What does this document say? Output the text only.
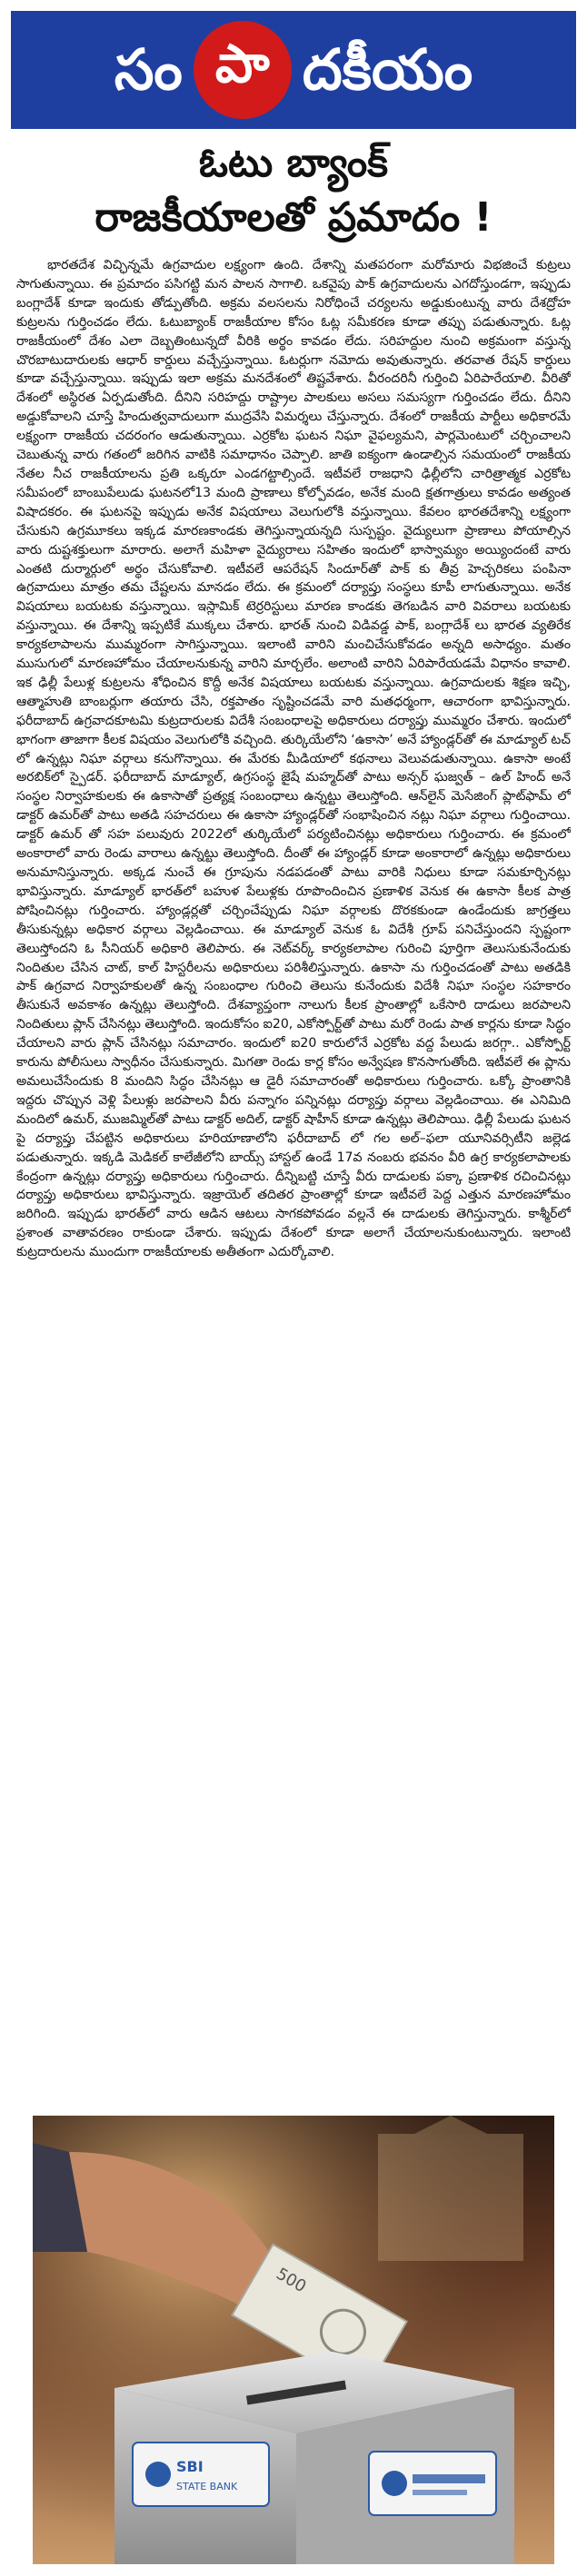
సం పా దకీయం
ఓటు బ్యాంక్
రాజకీయాలతో ప్రమాదం !

భారతదేశ విచ్ఛిన్నమే ఉగ్రవాదుల లక్ష్యంగా ఉంది. దేశాన్ని మతపరంగా మరోమారు విభజించే కుట్రలు సాగుతున్నాయి. ఈ ప్రమాదం పసిగట్టి మన పాలన సాగాలి. ఒకవైపు పాక్ ఉగ్రవాదులను ఎగదోస్తుండగా, ఇప్పుడు బంగ్లాదేశ్ కూడా ఇందుకు తోడ్పుతోంది. అక్రమ వలసలను నిరోధించే చర్యలను అడ్డుకుంటున్న వారు దేశద్రోహ కుట్రలను గుర్తించడం లేదు. ఓటుబ్యాంక్ రాజకీయాల కోసం ఓట్ల సమీకరణ కూడా తప్పు పడుతున్నారు. ఓట్ల రాజకీయంలో దేశం ఎలా దెబ్బతింటున్నదో వీరికి అర్థం కావడం లేదు. సరిహద్దుల నుంచి అక్రమంగా వస్తున్న చొరబాటుదారులకు ఆధార్ కార్డులు వచ్చేస్తున్నాయి. ఓటర్లుగా నమోదు అవుతున్నారు. తరవాత రేషన్ కార్డులు కూడా వచ్చేస్తున్నాయి. ఇప్పుడు ఇలా అక్రమ మనదేశంలో తిష్టవేశారు. వీరందరినీ గుర్తించి ఏరిపారేయాలి. వీరితో దేశంలో అస్థిరత ఏర్పడుతోంది. దీనిని సరిహద్దు రాష్ట్రాల పాలకులు అసలు సమస్యగా గుర్తించడం లేదు. దీనిని అడ్డుకోవాలని చూస్తే హిందుత్వవాదులుగా ముద్రవేసి విమర్శలు చేస్తున్నారు. దేశంలో రాజకీయ పార్టీలు అధికారమే లక్ష్యంగా రాజకీయ చదరంగం ఆడుతున్నాయి. ఎర్రకోట ఘటన నిఘా వైఫల్యమని, పార్లమెంటులో చర్చించాలని చెబుతున్న వారు గతంలో జరిగిన వాటికి సమాధానం చెప్పాలి. జాతి ఐక్యంగా ఉండాల్సిన సమయంలో రాజకీయ నేతల నీచ రాజకీయాలను ప్రతి ఒక్కరూ ఎండగట్టాల్సిందే. ఇటీవలే రాజధాని ఢిల్లీలోని చారిత్రాత్మక ఎర్రకోట సమీపంలో బాంబుపేలుడు ఘటనలో13 మంది ప్రాణాలు కోల్పోవడం, అనేక మంది క్షతగాత్రులు కావడం అత్యంత విషాదకరం. ఈ ఘటనపై ఇప్పుడు అనేక విషయాలు వెలుగులోకి వస్తున్నాయి. కేవలం భారతదేశాన్ని లక్ష్యంగా చేసుకుని ఉగ్రమూకలు ఇక్కడ మారణకాండకు తెగిస్తున్నాయన్నది సుస్పష్టం. వైద్యులుగా ప్రాణాలు పోయాల్సిన వారు దుష్టశక్తులుగా మారారు. అలాగే మహిళా వైద్యురాలు సహితం ఇందులో భాస్వామ్యం అయ్యిందంటే వారు ఎంతటి దుర్మార్గులో అర్థం చేసుకోవాలి. ఇటీవలే ఆపరేషన్ సిందూర్‌తో పాక్ కు తీవ్ర హెచ్చరికలు పంపినా ఉగ్రవాదులు మాత్రం తమ చేష్టలను మానడం లేదు. ఈ క్రమంలో దర్యాప్తు సంస్థలు కూపీ లాగుతున్నాయి. అనేక విషయాలు బయటకు వస్తున్నాయి. ఇస్లామిక్ టెర్రరిస్టులు మారణ కాండకు తెగబడిన వారి వివరాలు బయటకు వస్తున్నాయి. ఈ దేశాన్ని ఇప్పటికే ముక్కలు చేశారు. భారత్ నుంచి విడివడ్డ పాక్, బంగ్లాదేశ్ లు భారత వ్యతిరేక కార్యకలాపాలను ముమ్మరంగా సాగిస్తున్నాయి. ఇలాంటి వారిని మంచిచేసుకోవడం అన్నది అసాధ్యం. మతం ముసుగులో మారణహోమం చేయాలనుకున్న వారిని మార్చలేం. అలాంటి వారిని ఏరిపారేయడమే విధానం కావాలి. ఇక ఢిల్లీ పేలుళ్ల కుట్రలను శోధించిన కొద్దీ అనేక విషయాలు బయటకు వస్తున్నాయి. ఉగ్రవాదులకు శిక్షణ ఇచ్చి, ఆత్మాహుతి బాంబర్లుగా తయారు చేసి, రక్తపాతం సృష్టించడమే వారి మతధర్మంగా, ఆచారంగా భావిస్తున్నారు. ఫరీదాబాద్ ఉగ్రవాదకూటమి కుట్రదారులకు విదేశీ సంబంధాలపై అధికారులు దర్యాప్తు ముమ్మరం చేశారు. ఇందులో భాగంగా తాజాగా కీలక విషయం వెలుగులోకి వచ్చింది. తుర్కియేలోని ‘ఉకాసా’ అనే హ్యాండ్లర్‌తో ఈ మాడ్యూల్ టచ్ లో ఉన్నట్లు నిఘా వర్గాలు కనుగొన్నాయి. ఈ మేరకు మీడియాలో కథనాలు వెలువడుతున్నాయి. ఉకాసా అంటే అరబిక్‌లో స్పైడర్. ఫరీదాబాద్ మాడ్యూల్, ఉగ్రసంస్థ జైషే మహ్మద్‌తో పాటు అన్సర్ ఘజ్వత్ – ఉల్ హింద్ అనే సంస్థల నిర్వాహకులకు ఈ ఉకాసాతో ప్రత్యక్ష సంబంధాలు ఉన్నట్టు తెలుస్తోంది. ఆన్‌లైన్ మెసేజింగ్ ప్లాట్‌ఫామ్ లో డాక్టర్ ఉమర్‌తో పాటు అతడి సహచరులు ఈ ఉకాసా హ్యాండ్లర్‌తో సంభాషించిన నట్లు నిఘా వర్గాలు గుర్తించాయి. డాక్టర్ ఉమర్ తో సహ పలువురు 2022లో తుర్కియేలో పర్యటించినట్లు అధికారులు గుర్తించారు. ఈ క్రమంలో అంకారాలో వారు రెండు వారాలు ఉన్నట్టు తెలుస్తోంది. దీంతో ఈ హ్యాండ్లర్ కూడా అంకారాలో ఉన్నట్లు అధికారులు అనుమానిస్తున్నారు. అక్కడ నుంచే ఈ గ్రూపును నడపడంతో పాటు వారికి నిధులు కూడా సమకూర్చినట్లు భావిస్తున్నారు. మాడ్యూల్ భారత్‌లో బహుళ పేలుళ్లకు రూపొందించిన ప్రణాళిక వెనుక ఈ ఉకాసా కీలక పాత్ర పోషించినట్లు గుర్తించారు. హ్యాండ్లర్లతో చర్చించేప్పుడు నిఘా వర్గాలకు దొరకకుండా ఉండేందుకు జాగ్రత్తలు తీసుకున్నట్లు అధికార వర్గాలు వెల్లడించాయి. ఈ మాడ్యూల్ వెనుక ఓ విదేశీ గ్రూప్ పనిచేస్తుందని స్పష్టంగా తెలుస్తోందని ఓ సీనియర్ అధికారి తెలిపారు. ఈ నెట్‌వర్క్ కార్యకలాపాల గురించి పూర్తిగా తెలుసుకునేందుకు నిందితుల చేసిన చాట్, కాల్ హిస్టరీలను అధికారులు పరిశీలిస్తున్నారు. ఉకాసా ను గుర్తించడంతో పాటు అతడికి పాక్ ఉగ్రవాద నిర్వాహకులతో ఉన్న సంబంధాల గురించి తెలుసు కునేందుకు విదేశీ నిఘా సంస్థల సహకారం తీసుకునే అవకాశం ఉన్నట్లు తెలుస్తోంది. దేశవ్యాప్తంగా నాలుగు కీలక ప్రాంతాల్లో ఒకేసారి దాడులు జరపాలని నిందితులు ప్లాన్ చేసినట్లు తెలుస్తోంది. ఇందుకోసం ఐ20, ఎకోస్పోర్ట్‌తో పాటు మరో రెండు పాత కార్లను కూడా సిద్ధం చేయాలని వారు ప్లాన్ చేసినట్లు సమాచారం. ఇందులో ఐ20 కారులోనే ఎర్రకోట వద్ద పేలుడు జరగ్గా.. ఎకోస్పోర్ట్ కారును పోలీసులు స్వాధీనం చేసుకున్నారు. మిగతా రెండు కార్ల కోసం అన్వేషణ కొనసాగుతోంది. ఇటీవలే ఈ ప్లాను అమలుచేసేందుకు 8 మందిని సిద్ధం చేసినట్లు ఆ డైరీ సమాచారంతో అధికారులు గుర్తించారు. ఒక్కో ప్రాంతానికి ఇద్దరు చొప్పున వెళ్లి పేలుళ్లు జరపాలని వీరు పన్నాగం పన్నినట్లు దర్యాప్తు వర్గాలు వెల్లడించాయి. ఈ ఎనిమిది మందిలో ఉమర్, ముజమ్మిల్‌తో పాటు డాక్టర్ అదిల్, డాక్టర్ షాహీన్ కూడా ఉన్నట్లు తెలిపాయి. ఢిల్లీ పేలుడు ఘటన పై దర్యాప్తు చేపట్టిన అధికారులు హరియాణాలోని ఫరీదాబాద్ లో గల అల్–ఫలా యూనివర్సిటీని జల్లెడ పడుతున్నారు. ఇక్కడి మెడికల్ కాలేజీలోని బాయ్స్ హాస్టల్ ఉండే 17వ నంబరు భవనం వీరి ఉగ్ర కార్యకలాపాలకు కేంద్రంగా ఉన్నట్లు దర్యాప్తు అధికారులు గుర్తించారు. దీన్నిబట్టి చూస్తే వీరు దాడులకు పక్కా ప్రణాళిక రచించినట్లు దర్యాప్తు అధికారులు భావిస్తున్నారు. ఇజ్రాయెల్ తదితర ప్రాంతాల్లో కూడా ఇటీవలే పెద్ద ఎత్తున మారణహోమం జరిగింది. ఇప్పుడు భారత్‌లో వారు ఆడిన ఆటలు సాగకపోవడం వల్లనే ఈ దాడులకు తెగిస్తున్నారు. కాశ్మీర్‌లో ప్రశాంత వాతావరణం రాకుండా చేశారు. ఇప్పుడు దేశంలో కూడా అలాగే చేయాలనుకుంటున్నారు. ఇలాంటి కుట్రదారులను ముందుగా రాజకీయాలకు అతీతంగా ఎదుర్కోవాలి.

500
SBI
STATE BANK
